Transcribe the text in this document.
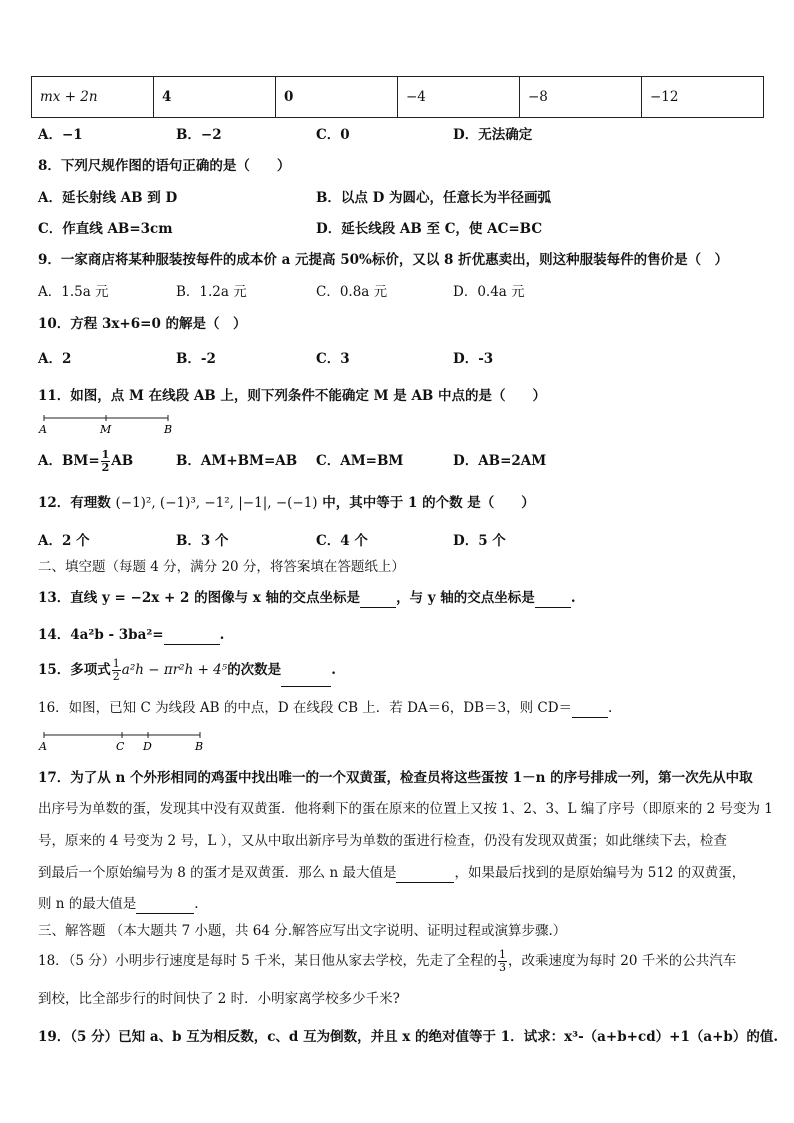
mx + 2n	4	0	−4	−8	−12
A．−1	B．−2	C．0	D．无法确定
8．下列尺规作图的语句正确的是（　　）
A．延长射线 AB 到 D	B．以点 D 为圆心，任意长为半径画弧
C．作直线 AB=3cm	D．延长线段 AB 至 C，使 AC=BC
9．一家商店将某种服装按每件的成本价 a 元提高 50%标价，又以 8 折优惠卖出，则这种服装每件的售价是（　）
A．1.5a 元	B．1.2a 元	C．0.8a 元	D．0.4a 元
10．方程 3x+6=0 的解是（　）
A．2	B．-2	C．3	D．-3
11．如图，点 M 在线段 AB 上，则下列条件不能确定 M 是 AB 中点的是（　　）
A	M	B
A．$BM= \frac{1}{2}$ AB	B．AM+BM=AB C．AM=BM	D．AB=2AM
12．有理数 (−1)², (−1)³, −1², |−1|, −(−1) 中，其中等于 1 的个数 是（　　）
A．2 个	B．3 个	C．4 个	D．5 个
二、填空题（每题 4 分，满分 20 分，将答案填在答题纸上）
13．直线 y = −2x + 2 的图像与 x 轴的交点坐标是	，与 y 轴的交点坐标是	.
14．4a²b - 3ba²=	.
15．多项式 $\frac{1}{2} a^2h - \pi r^2h + 4^5$的次数是	.
16．如图，已知 C 为线段 AB 的中点，D 在线段 CB 上．若 DA＝6，DB＝3，则 CD＝	.
A	C D	B
17．为了从 n 个外形相同的鸡蛋中找出唯一的一个双黄蛋，检查员将这些蛋按 1－n 的序号排成一列，第一次先从中取
出序号为单数的蛋，发现其中没有双黄蛋．他将剩下的蛋在原来的位置上又按 1、2、3、L 编了序号（即原来的 2 号变为 1
号，原来的 4 号变为 2 号，L ），又从中取出新序号为单数的蛋进行检查，仍没有发现双黄蛋；如此继续下去，检查
到最后一个原始编号为 8 的蛋才是双黄蛋．那么 n 最大值是	，如果最后找到的是原始编号为 512 的双黄蛋，
则 n 的最大值是	.
三、解答题 （本大题共 7 小题，共 64 分.解答应写出文字说明、证明过程或演算步骤.）
18．（5 分）小明步行速度是每时 5 千米，某日他从家去学校，先走了全程的 $\frac{1}{3}$ ，改乘速度为每时 20 千米的公共汽车
到校，比全部步行的时间快了 2 时．小明家离学校多少千米?
19．（5 分）已知 a、b 互为相反数，c、d 互为倒数，并且 x 的绝对值等于 1．试求：x³-（a+b+cd）+1（a+b）的值.
